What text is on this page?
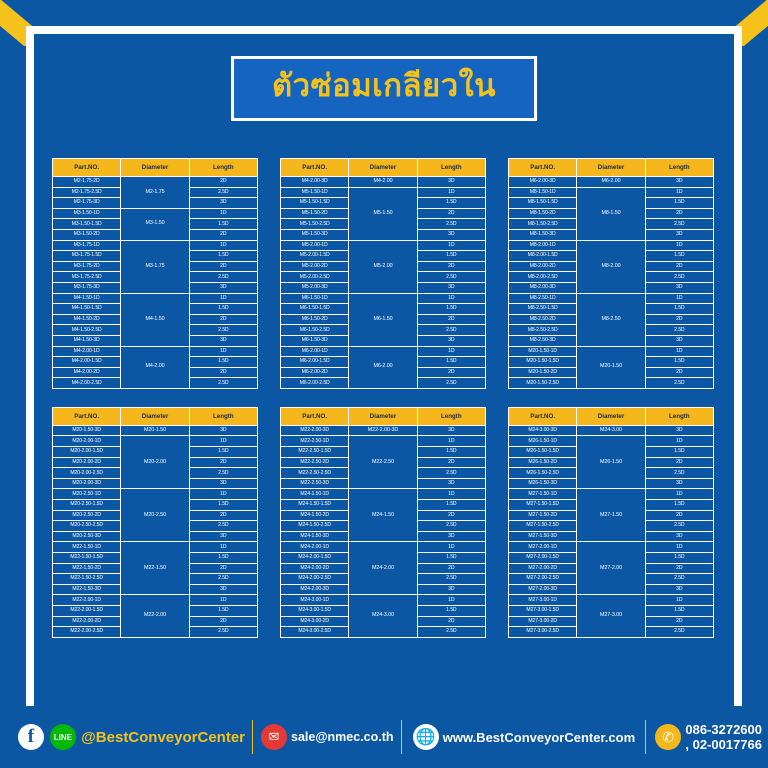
ตัวซ่อมเกลียวใน
Part.NO.	Diameter	Length
M2-1.75-2D	M2-1.75	2D
M2-1.75-2.5D		2.5D
M2-1.75-3D		3D
M3-1.50-1D	M3-1.50	1D
M3-1.50-1.5D		1.5D
M3-1.50-2D		2D
M3-1.75-1D	M3-1.75	1D
M3-1.75-1.5D		1.5D
M3-1.75-2D		2D
M3-1.75-2.5D		2.5D
M3-1.75-3D		3D
M4-1.50-1D	M4-1.50	1D
M4-1.50-1.5D		1.5D
M4-1.50-2D		2D
M4-1.50-2.5D		2.5D
M4-1.50-3D		3D
M4-2.00-1D	M4-2.00	1D
M4-2.00-1.5D		1.5D
M4-2.00-2D		2D
M4-2.00-2.5D		2.5D
Part.NO.	Diameter	Length
M4-2.00-3D	M4-2.00	3D
M5-1.50-1D	M5-1.50	1D
M5-1.50-1.5D		1.5D
M5-1.50-2D		2D
M5-1.50-2.5D		2.5D
M5-1.50-3D		3D
M5-2.00-1D	M5-2.00	1D
M5-2.00-1.5D		1.5D
M5-2.00-2D		2D
M5-2.00-2.5D		2.5D
M5-2.00-3D		3D
M6-1.50-1D	M6-1.50	1D
M6-1.50-1.5D		1.5D
M6-1.50-2D		2D
M6-1.50-2.5D		2.5D
M6-1.50-3D		3D
M6-2.00-1D	M6-2.00	1D
M6-2.00-1.5D		1.5D
M6-2.00-2D		2D
M6-2.00-2.5D		2.5D
Part.NO.	Diameter	Length
M6-2.00-3D	M6-2.00	3D
M8-1.50-1D	M8-1.50	1D
M8-1.50-1.5D		1.5D
M8-1.50-2D		2D
M8-1.50-2.5D		2.5D
M8-1.50-3D		3D
M8-2.00-1D	M8-2.00	1D
M8-2.00-1.5D		1.5D
M8-2.00-2D		2D
M8-2.00-2.5D		2.5D
M8-2.00-3D		3D
M8-2.50-1D	M8-2.50	1D
M8-2.50-1.5D		1.5D
M8-2.50-2D		2D
M8-2.50-2.5D		2.5D
M8-2.50-3D		3D
M20-1.50-1D	M20-1.50	1D
M20-1.50-1.5D		1.5D
M20-1.50-2D		2D
M20-1.50-2.5D		2.5D
Part.NO.	Diameter	Length
M20-1.50-3D	M20-1.50	3D
M20-2.00-1D	M20-2.00	1D
M20-2.00-1.5D		1.5D
M20-2.00-2D		2D
M20-2.00-2.5D		2.5D
M20-2.00-3D		3D
M20-2.50-1D	M20-2.50	1D
M20-2.50-1.5D		1.5D
M20-2.50-2D		2D
M20-2.50-2.5D		2.5D
M20-2.50-3D		3D
M22-1.50-1D	M22-1.50	1D
M22-1.50-1.5D		1.5D
M22-1.50-2D		2D
M22-1.50-2.5D		2.5D
M22-1.50-3D		3D
M22-2.00-1D	M22-2.00	1D
M22-2.00-1.5D		1.5D
M22-2.00-2D		2D
M22-2.00-2.5D		2.5D
Part.NO.	Diameter	Length
M22-2.00-3D	M22-2.00-3D	3D
M22-2.50-1D	M22-2.50	1D
M22-2.50-1.5D		1.5D
M22-2.50-2D		2D
M22-2.50-2.5D		2.5D
M22-2.50-3D		3D
M24-1.50-1D	M24-1.50	1D
M24-1.50-1.5D		1.5D
M24-1.50-2D		2D
M24-1.50-2.5D		2.5D
M24-1.50-3D		3D
M24-2.00-1D	M24-2.00	1D
M24-2.00-1.5D		1.5D
M24-2.00-2D		2D
M24-2.00-2.5D		2.5D
M24-2.00-3D		3D
M24-3.00-1D	M24-3.00	1D
M24-3.00-1.5D		1.5D
M24-3.00-2D		2D
M24-3.00-2.5D		2.5D
Part.NO.	Diameter	Length
M24-3.00-3D	M24-3.00	3D
M26-1.50-1D	M26-1.50	1D
M26-1.50-1.5D		1.5D
M26-1.50-2D		2D
M26-1.50-2.5D		2.5D
M26-1.50-3D		3D
M27-1.50-1D	M27-1.50	1D
M27-1.50-1.5D		1.5D
M27-1.50-2D		2D
M27-1.50-2.5D		2.5D
M27-1.50-3D		3D
M27-2.00-1D	M27-2.00	1D
M27-2.00-1.5D		1.5D
M27-2.00-2D		2D
M27-2.00-2.5D		2.5D
M27-2.00-3D		3D
M27-3.00-1D	M27-3.00	1D
M27-3.00-1.5D		1.5D
M27-3.00-2D		2D
M27-3.00-2.5D		2.5D
f	LINE @BestConveyorCenter	✉ sale@nmec.co.th 🌐 www.BestConveyorCenter.com	✆ 086-3272600 , 02-0017766
